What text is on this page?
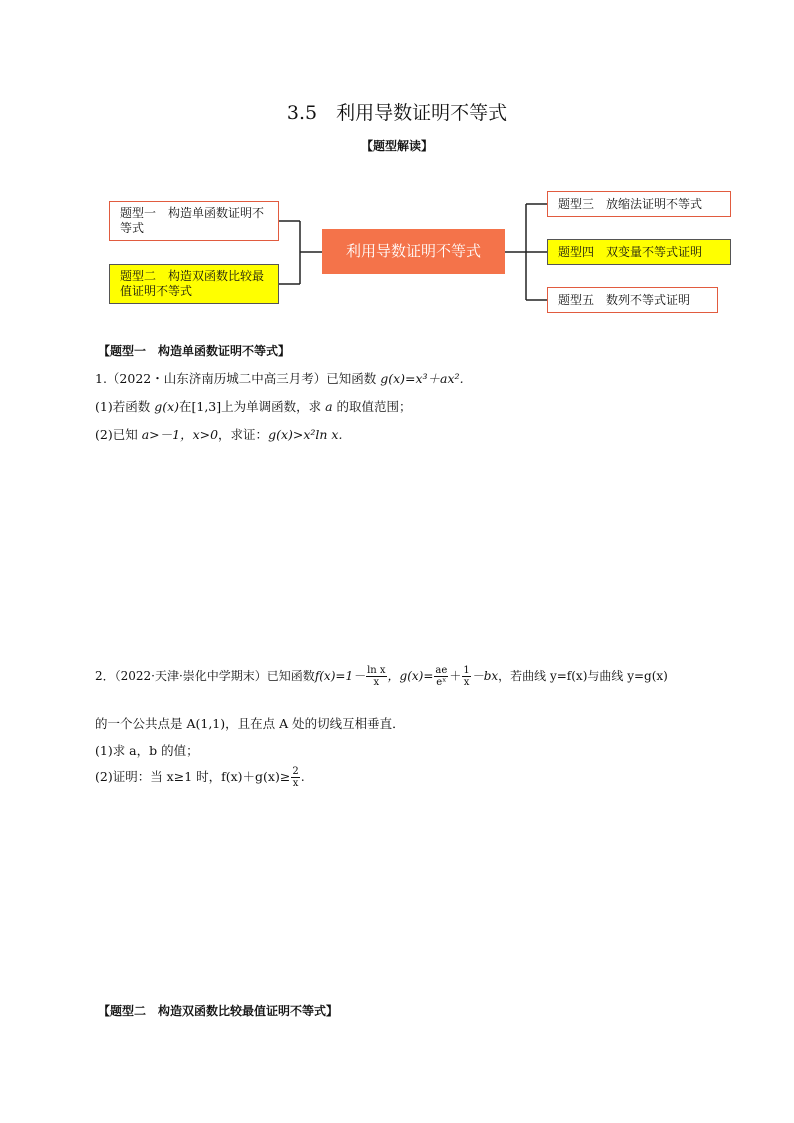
3.5　利用导数证明不等式
【题型解读】
题型一　构造单函数证明不等式
题型二　构造双函数比较最值证明不等式
利用导数证明不等式
题型三　放缩法证明不等式
题型四　双变量不等式证明
题型五　数列不等式证明
【题型一　构造单函数证明不等式】
1.（2022・山东济南历城二中高三月考）已知函数 g(x)=x³＋ax².
(1)若函数 g(x)在[1,3]上为单调函数，求 a 的取值范围；
(2)已知 a>－1，x>0，求证：g(x)>x²ln x.
2．（2022·天津·崇化中学期末）已知函数$f(x)=1- \frac{\text{ln x}}{x}$ ，$g(x)= \frac{ae}{\text{eˣ}} + \frac{1}{x} -bx$，若曲线 y=f(x)与曲线 y=g(x)
的一个公共点是 A(1,1)，且在点 A 处的切线互相垂直．
(1)求 a，b 的值；
(2)证明：当 x≥1 时，$f(x)+g(x)\ge \frac{2}{x}$ .
【题型二　构造双函数比较最值证明不等式】
